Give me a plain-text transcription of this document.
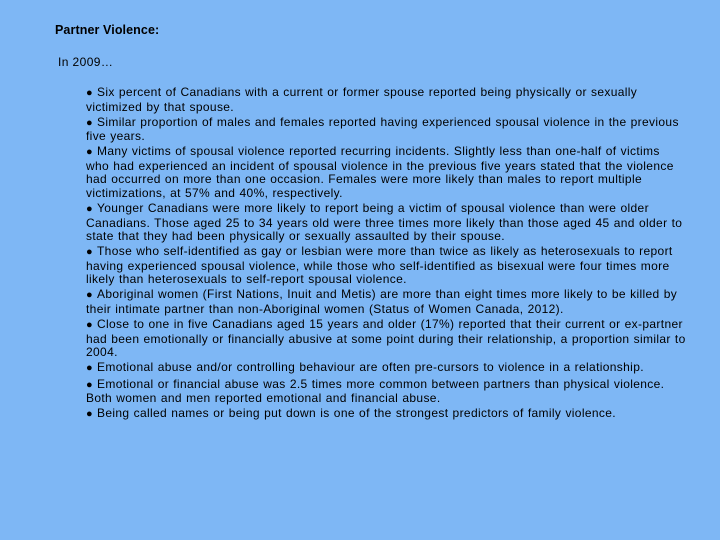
Partner Violence:
In 2009…
● Six percent of Canadians with a current or former spouse reported being physically or sexually victimized by that spouse.
● Similar proportion of males and females reported having experienced spousal violence in the previous five years.
● Many victims of spousal violence reported recurring incidents. Slightly less than one-half of victims who had experienced an incident of spousal violence in the previous five years stated that the violence had occurred on more than one occasion. Females were more likely than males to report multiple victimizations, at 57% and 40%, respectively.
● Younger Canadians were more likely to report being a victim of spousal violence than were older Canadians. Those aged 25 to 34 years old were three times more likely than those aged 45 and older to state that they had been physically or sexually assaulted by their spouse.
● Those who self-identified as gay or lesbian were more than twice as likely as heterosexuals to report having experienced spousal violence, while those who self-identified as bisexual were four times more likely than heterosexuals to self-report spousal violence.
● Aboriginal women (First Nations, Inuit and Metis) are more than eight times more likely to be killed by their intimate partner than non-Aboriginal women (Status of Women Canada, 2012).
● Close to one in five Canadians aged 15 years and older (17%) reported that their current or ex-partner had been emotionally or financially abusive at some point during their relationship, a proportion similar to 2004.
● Emotional abuse and/or controlling behaviour are often pre-cursors to violence in a relationship.
● Emotional or financial abuse was 2.5 times more common between partners than physical violence. Both women and men reported emotional and financial abuse.
● Being called names or being put down is one of the strongest predictors of family violence.
